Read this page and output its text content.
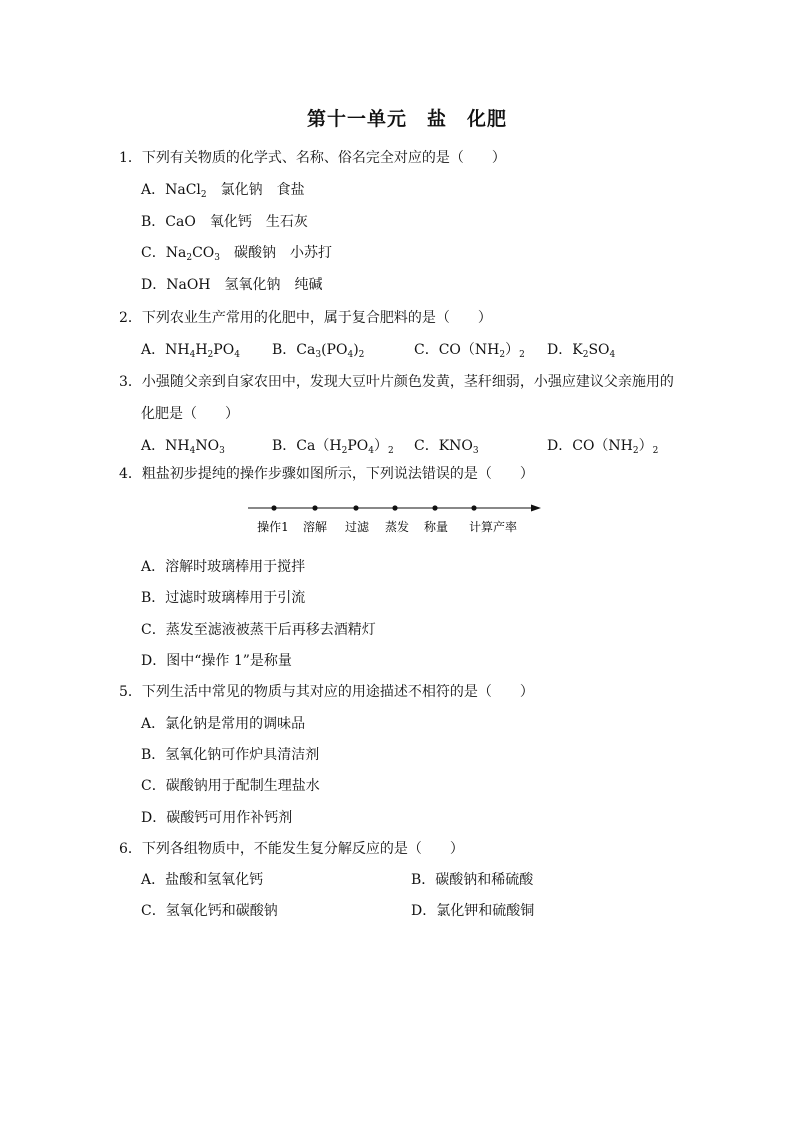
第十一单元　盐　化肥
1．下列有关物质的化学式、名称、俗名完全对应的是（　　）
A．NaCl$_2$　氯化钠　食盐
B．CaO　氧化钙　生石灰
C．$Na_2CO_3$　碳酸钠　小苏打
D．NaOH　氢氧化钠　纯碱
2．下列农业生产常用的化肥中，属于复合肥料的是（　　）
A．$NH_4H_2PO_4$ B．$Ca_3(PO_4)_2$	C．$CO(NH_2)_2$ D．$K_2SO_4$
3．小强随父亲到自家农田中，发现大豆叶片颜色发黄，茎秆细弱，小强应建议父亲施用的
化肥是（　　）
A．$NH_4NO_3$	B．$Ca(H_2PO_4)_2$ C．$KNO_3$	D．$CO(NH_2)_2$
4．粗盐初步提纯的操作步骤如图所示，下列说法错误的是（　　）
操作1 溶解 过滤 蒸发 称量 计算产率
A．溶解时玻璃棒用于搅拌
B．过滤时玻璃棒用于引流
C．蒸发至滤液被蒸干后再移去酒精灯
D．图中“操作 1”是称量
5．下列生活中常见的物质与其对应的用途描述不相符的是（　　）
A．氯化钠是常用的调味品
B．氢氧化钠可作炉具清洁剂
C．碳酸钠用于配制生理盐水
D．碳酸钙可用作补钙剂
6．下列各组物质中，不能发生复分解反应的是（　　）
A．盐酸和氢氧化钙	B．碳酸钠和稀硫酸
C．氢氧化钙和碳酸钠	D．氯化钾和硫酸铜
